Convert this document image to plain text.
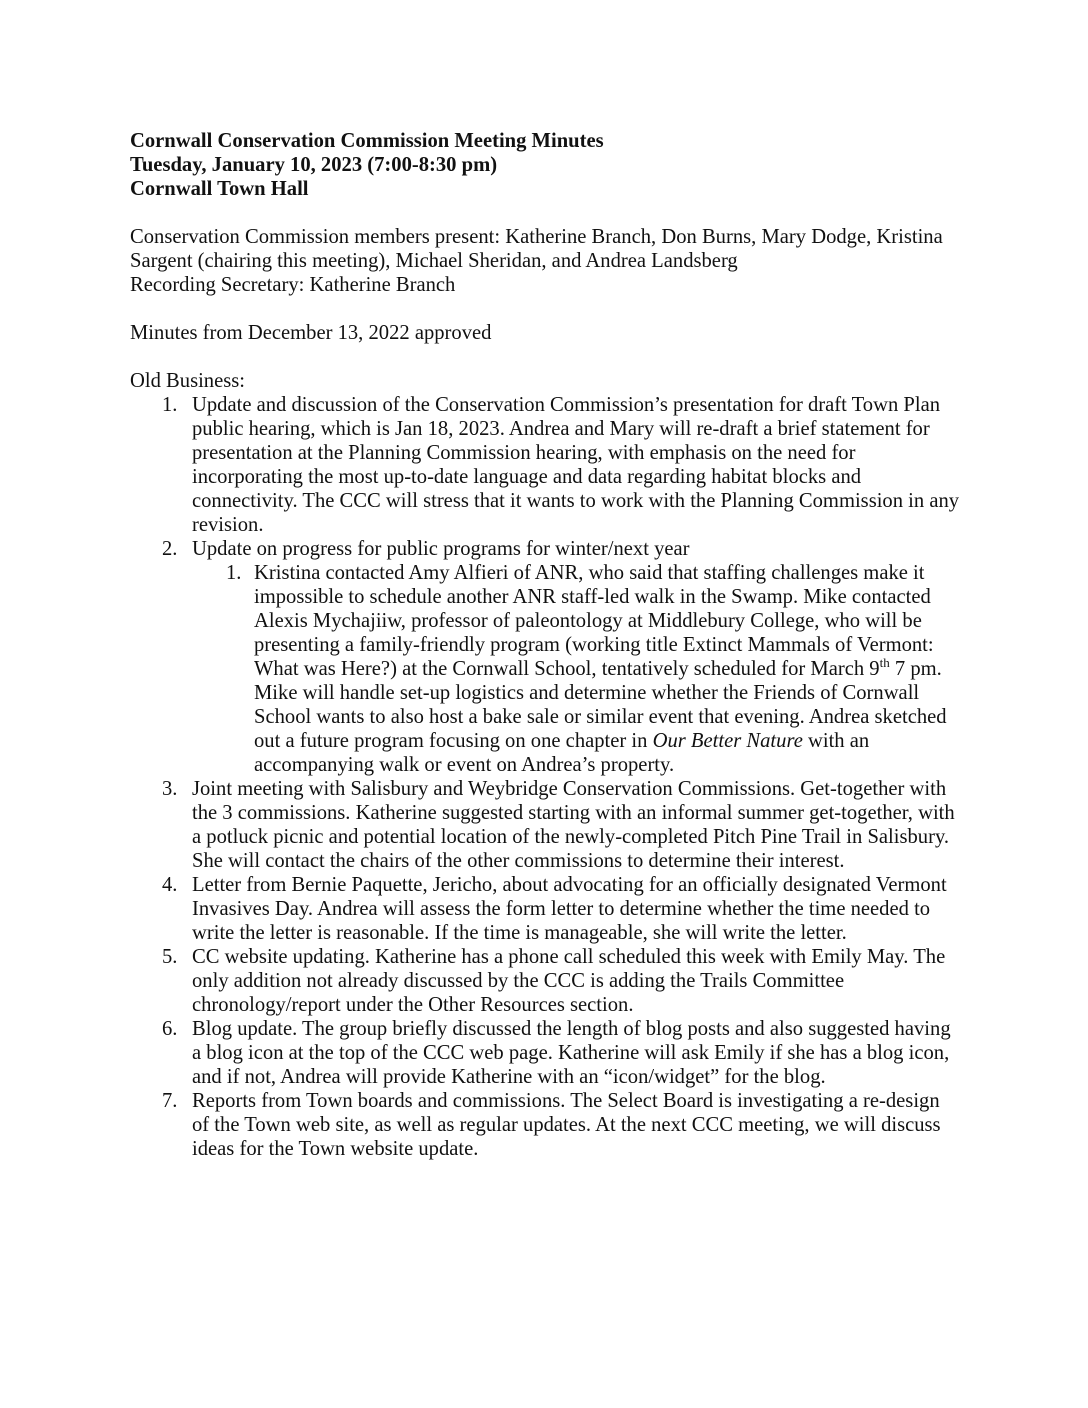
Cornwall Conservation Commission Meeting Minutes
Tuesday, January 10, 2023 (7:00-8:30 pm)
Cornwall Town Hall

Conservation Commission members present: Katherine Branch, Don Burns, Mary Dodge, Kristina Sargent (chairing this meeting), Michael Sheridan, and Andrea Landsberg

Recording Secretary: Katherine Branch

Minutes from December 13, 2022 approved

Old Business:

Update and discussion of the Conservation Commission’s presentation for draft Town Plan public hearing, which is Jan 18, 2023. Andrea and Mary will re-draft a brief statement for presentation at the Planning Commission hearing, with emphasis on the need for incorporating the most up-to-date language and data regarding habitat blocks and connectivity. The CCC will stress that it wants to work with the Planning Commission in any revision.
Update on progress for public programs for winter/next year
Kristina contacted Amy Alfieri of ANR, who said that staffing challenges make it impossible to schedule another ANR staff-led walk in the Swamp. Mike contacted Alexis Mychajiiw, professor of paleontology at Middlebury College, who will be presenting a family-friendly program (working title Extinct Mammals of Vermont: What was Here?) at the Cornwall School, tentatively scheduled for March 9th 7 pm. Mike will handle set-up logistics and determine whether the Friends of Cornwall School wants to also host a bake sale or similar event that evening. Andrea sketched out a future program focusing on one chapter in Our Better Nature with an accompanying walk or event on Andrea’s property.
Joint meeting with Salisbury and Weybridge Conservation Commissions. Get-together with the 3 commissions. Katherine suggested starting with an informal summer get-together, with a potluck picnic and potential location of the newly-completed Pitch Pine Trail in Salisbury. She will contact the chairs of the other commissions to determine their interest.
Letter from Bernie Paquette, Jericho, about advocating for an officially designated Vermont Invasives Day. Andrea will assess the form letter to determine whether the time needed to write the letter is reasonable. If the time is manageable, she will write the letter.
CC website updating. Katherine has a phone call scheduled this week with Emily May. The only addition not already discussed by the CCC is adding the Trails Committee chronology/report under the Other Resources section.
Blog update. The group briefly discussed the length of blog posts and also suggested having a blog icon at the top of the CCC web page. Katherine will ask Emily if she has a blog icon, and if not, Andrea will provide Katherine with an “icon/widget” for the blog.
Reports from Town boards and commissions. The Select Board is investigating a re-design of the Town web site, as well as regular updates. At the next CCC meeting, we will discuss ideas for the Town website update.
